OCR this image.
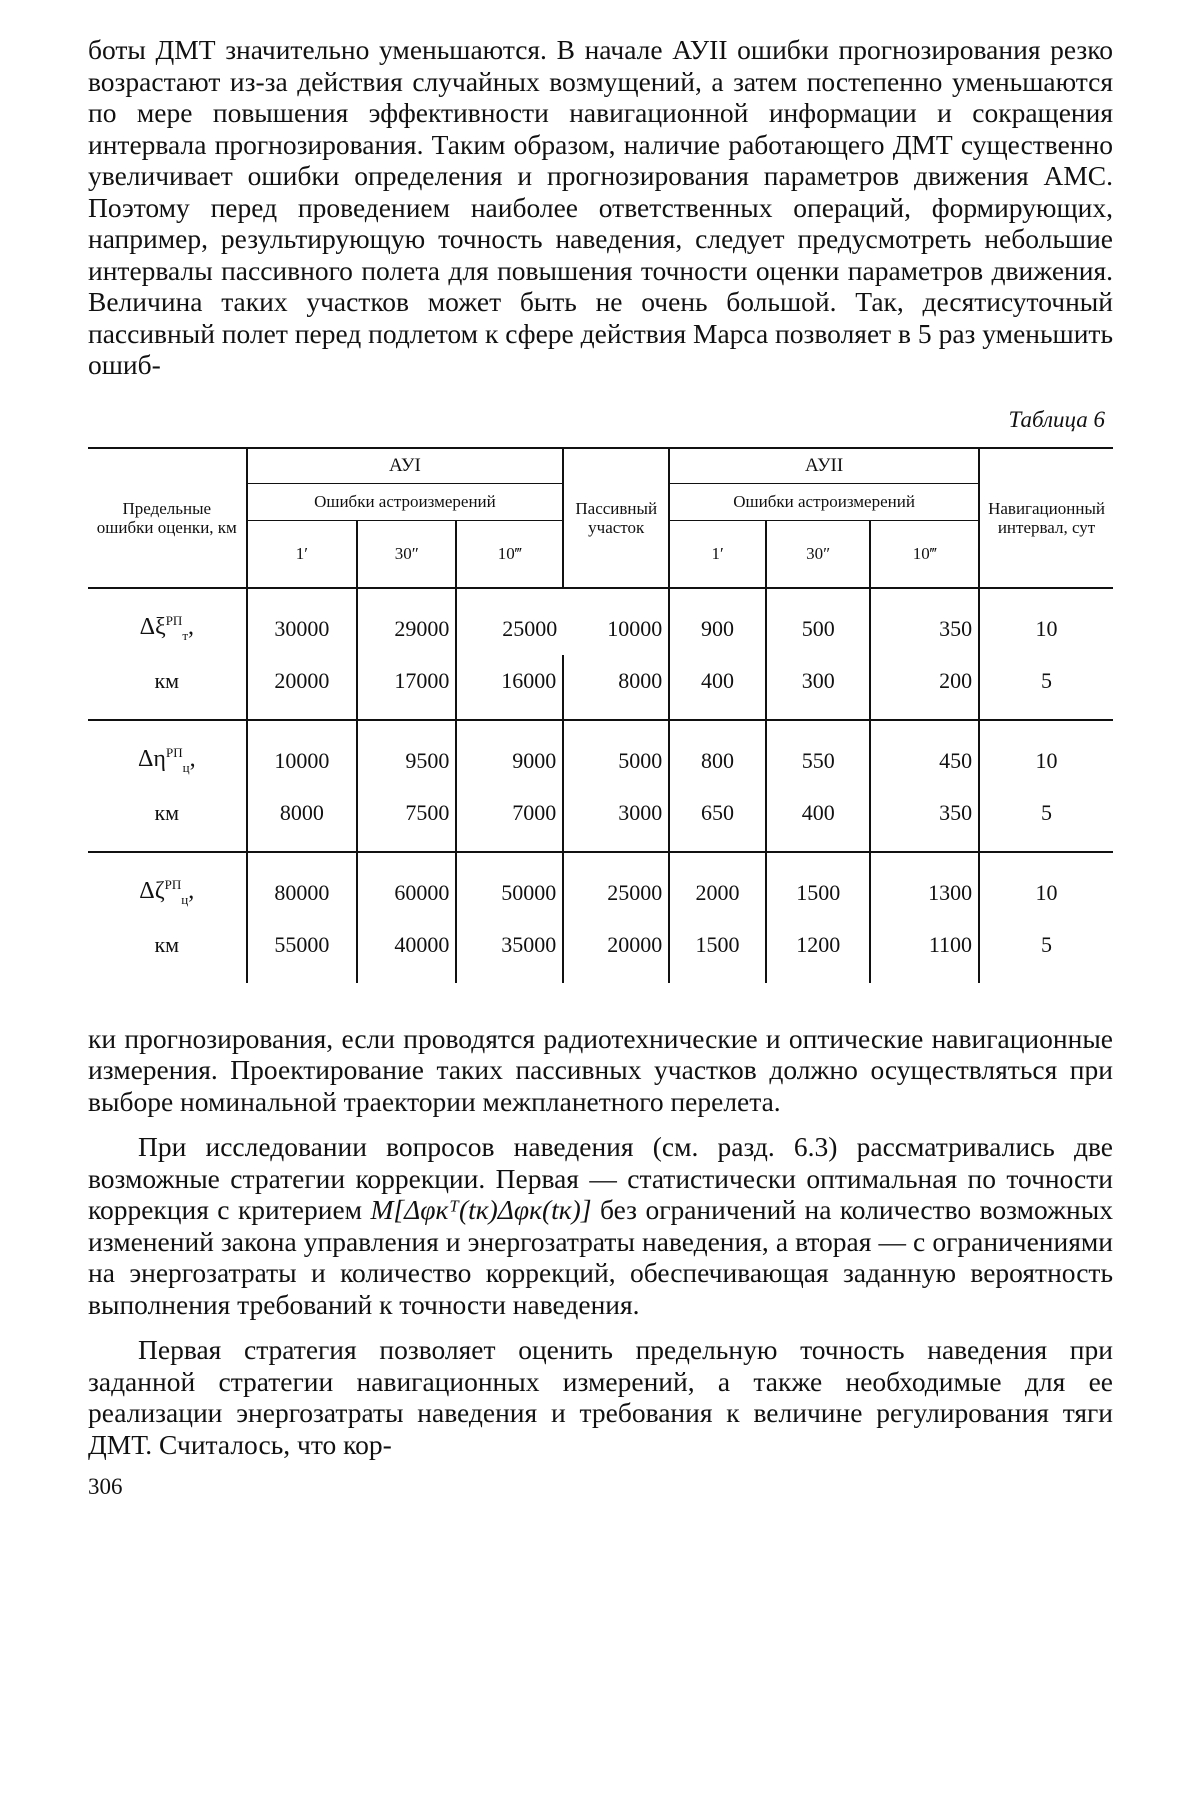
боты ДМТ значительно уменьшаются. В начале АУII ошибки прогнозирования резко возрастают из-за действия случайных возмущений, а затем постепенно уменьшаются по мере повышения эффективности навигационной информации и сокращения интервала прогнозирования. Таким образом, наличие работающего ДМТ существенно увеличивает ошибки определения и прогнозирования параметров движения АМС. Поэтому перед проведением наиболее ответственных операций, формирующих, например, результирующую точность наведения, следует предусмотреть небольшие интервалы пассивного полета для повышения точности оценки параметров движения. Величина таких участков может быть не очень большой. Так, десятисуточный пассивный полет перед подлетом к сфере действия Марса позволяет в 5 раз уменьшить ошиб-

Таблица 6
Предельные ошибки оценки, км	АУI	Пассивный участок	АУII	Навигационный интервал, сут
Ошибки астроизмерений	Ошибки астроизмерений
1′	30″	10‴	1′	30″	10‴
ΔξРПт,	30000	29000	25000	10000	900	500	350	10
км	20000	17000	16000	8000	400	300	200	5
ΔηРПц,	10000	9500	9000	5000	800	550	450	10
км	8000	7500	7000	3000	650	400	350	5
ΔζРПц,	80000	60000	50000	25000	2000	1500	1300	10
км	55000	40000	35000	20000	1500	1200	1100	5

ки прогнозирования, если проводятся радиотехнические и оптические навигационные измерения. Проектирование таких пассивных участков должно осуществляться при выборе номинальной траектории межпланетного перелета.

При исследовании вопросов наведения (см. разд. 6.3) рассматривались две возможные стратегии коррекции. Первая — статистически оптимальная по точности коррекция с критерием M[Δφкᵀ(tк)Δφк(tк)] без ограничений на количество возможных изменений закона управления и энергозатраты наведения, а вторая — с ограничениями на энергозатраты и количество коррекций, обеспечивающая заданную вероятность выполнения требований к точности наведения.

Первая стратегия позволяет оценить предельную точность наведения при заданной стратегии навигационных измерений, а также необходимые для ее реализации энергозатраты наведения и требования к величине регулирования тяги ДМТ. Считалось, что кор-

306
